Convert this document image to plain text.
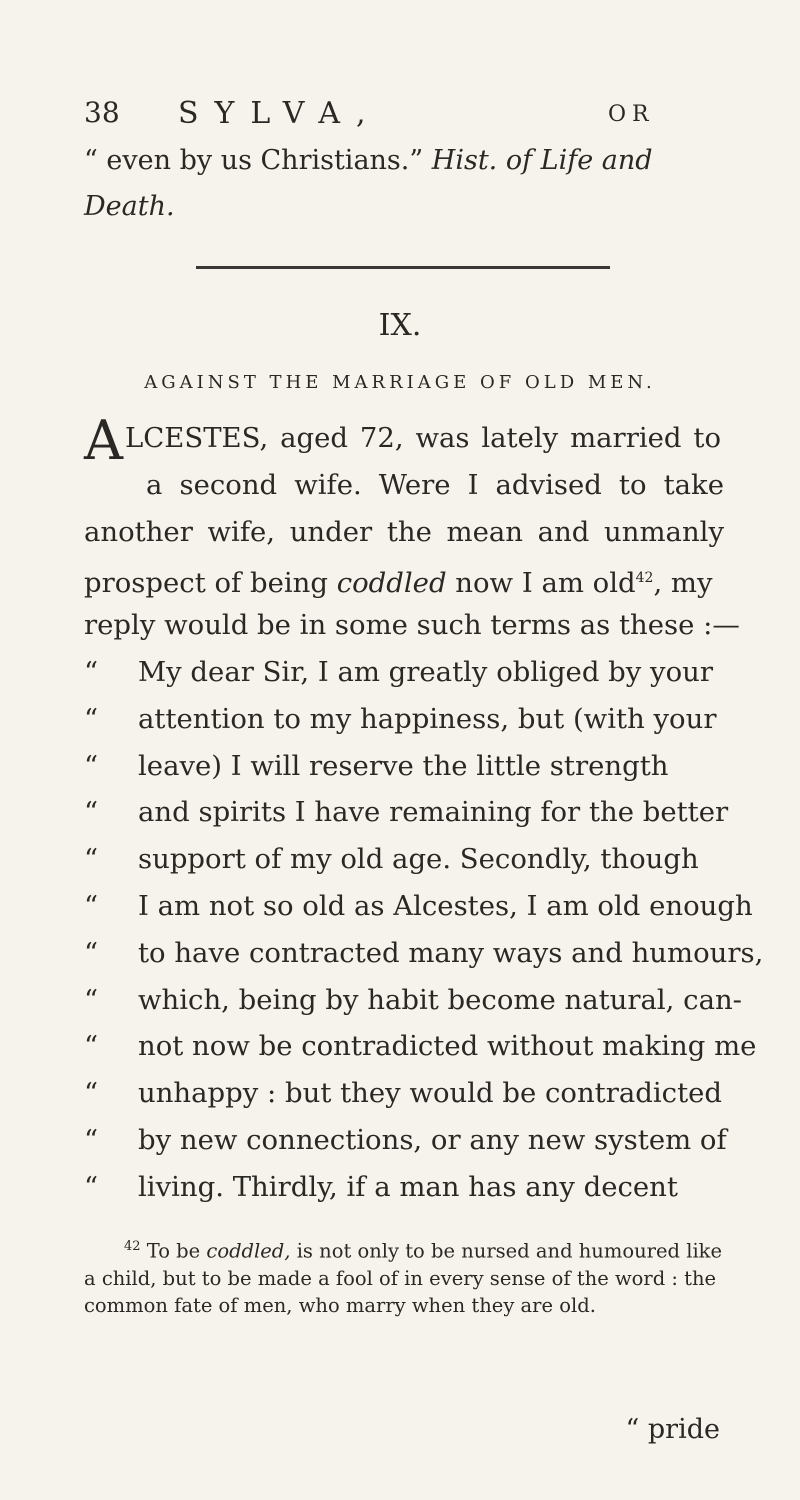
38 SYLVA,	OR
“ even by us Christians.” Hist. of Life and Death.
IX.
AGAINST THE MARRIAGE OF OLD MEN.
A LCESTES, aged 72, was lately married to
a second wife. Were I advised to take
another wife, under the mean and unmanly
prospect of being coddled now I am old$^{42}$, my
reply would be in some such terms as these :—
“ My dear Sir, I am greatly obliged by your
“ attention to my happiness, but (with your
“ leave) I will reserve the little strength
“ and spirits I have remaining for the better
“ support of my old age. Secondly, though
“ I am not so old as Alcestes, I am old enough
“ to have contracted many ways and humours,
“ which, being by habit become natural, can-
“ not now be contradicted without making me
“ unhappy : but they would be contradicted
“ by new connections, or any new system of
“ living. Thirdly, if a man has any decent
$^{42}$ To be coddled, is not only to be nursed and humoured like a child, but to be made a fool of in every sense of the word : the common fate of men, who marry when they are old.
“ pride
